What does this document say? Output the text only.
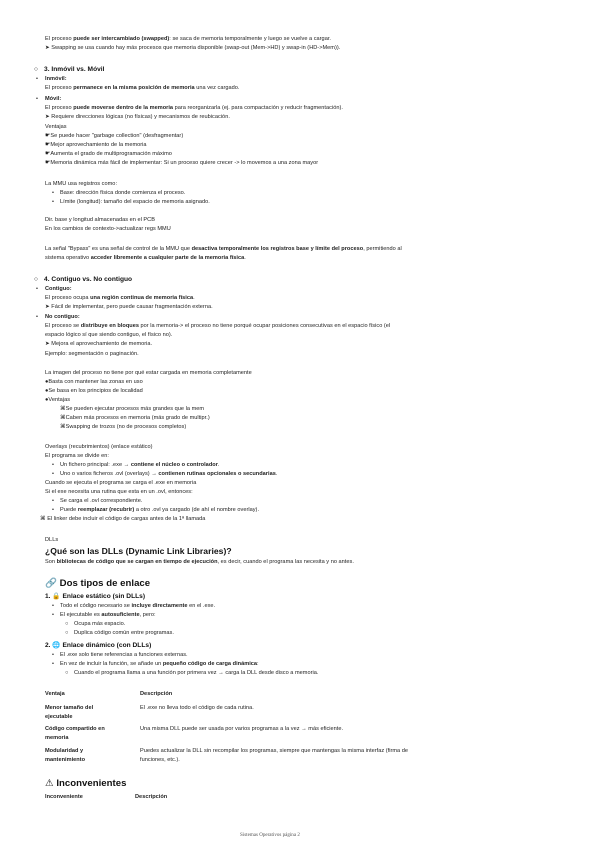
El proceso puede ser intercambiado (swapped): se saca de memoria temporalmente y luego se vuelve a cargar.
➤ Swapping se usa cuando hay más procesos que memoria disponible (swap-out (Mem->HD) y swap-in (HD->Mem)).
○ 3. Inmóvil vs. Móvil
• Inmóvil:
El proceso permanece en la misma posición de memoria una vez cargado.
• Móvil:
El proceso puede moverse dentro de la memoria para reorganizarla (ej. para compactación y reducir fragmentación).
➤ Requiere direcciones lógicas (no físicas) y mecanismos de reubicación.
Ventajas
☛Se puede hacer "garbage collection" (desfragmentar)
☛Mejor aprovechamiento de la memoria
☛Aumenta el grado de multiprogramación máximo
☛Memoria dinámica más fácil de implementar: Si un proceso quiere crecer -> lo movemos a una zona mayor
La MMU usa registros como:
• Base: dirección física donde comienza el proceso.
• Límite (longitud): tamaño del espacio de memoria asignado.
Dir. base y longitud almacenadas en el PCB
En los cambios de contexto->actualizar regs MMU
La señal "Bypass" es una señal de control de la MMU que desactiva temporalmente los registros base y límite del proceso, permitiendo al
sistema operativo acceder libremente a cualquier parte de la memoria física.
○ 4. Contiguo vs. No contiguo
• Contiguo:
El proceso ocupa una región continua de memoria física.
➤ Fácil de implementar, pero puede causar fragmentación externa.
• No contiguo:
El proceso se distribuye en bloques por la memoria-> el proceso no tiene porqué ocupar posiciones consecutivas en el espacio físico (el
espacio lógico sí que siendo contiguo, el físico no).
➤ Mejora el aprovechamiento de memoria.
Ejemplo: segmentación o paginación.
La imagen del proceso no tiene por qué estar cargada en memoria completamente
●Basta con mantener las zonas en uso
●Se basa en los principios de localidad
●Ventajas
⌘Se pueden ejecutar procesos más grandes que la mem
⌘Caben más procesos en memoria (más grado de multipr.)
⌘Swapping de trozos (no de procesos completos)
Overlays (recubrimientos) (enlace estático)
El programa se divide en:
• Un fichero principal: .exe → contiene el núcleo o controlador.
• Uno o varios ficheros .ovl (overlays) → contienen rutinas opcionales o secundarias.
Cuando se ejecuta el programa se carga el .exe en memoria
Si el exe necesita una rutina que esta en un .ovl, entonces:
• Se carga el .ovl correspondiente.
• Puede reemplazar (recubrir) a otro .ovl ya cargado (de ahí el nombre overlay).
⌘ El linker debe incluir el código de cargas antes de la 1ª llamada
DLLs
¿Qué son las DLLs (Dynamic Link Libraries)?
Son bibliotecas de código que se cargan en tiempo de ejecución, es decir, cuando el programa las necesita y no antes.
🔗 Dos tipos de enlace
1. 🔒 Enlace estático (sin DLLs)
• Todo el código necesario se incluye directamente en el .exe.
• El ejecutable es autosuficiente, pero:
○ Ocupa más espacio.
○ Duplica código común entre programas.
2. 🌐 Enlace dinámico (con DLLs)
• El .exe solo tiene referencias a funciones externas.
• En vez de incluir la función, se añade un pequeño código de carga dinámica:
○ Cuando el programa llama a una función por primera vez → carga la DLL desde disco a memoria.
Ventaja	Descripción
Menor tamaño del
ejecutable
El .exe no lleva todo el código de cada rutina.
Código compartido en
memoria
Una misma DLL puede ser usada por varios programas a la vez → más eficiente.
Modularidad y
mantenimiento
Puedes actualizar la DLL sin recompilar los programas, siempre que mantengas la misma interfaz (firma de
funciones, etc.).
⚠ Inconvenientes
Inconveniente	Descripción
Sistemas Operativos página 2
